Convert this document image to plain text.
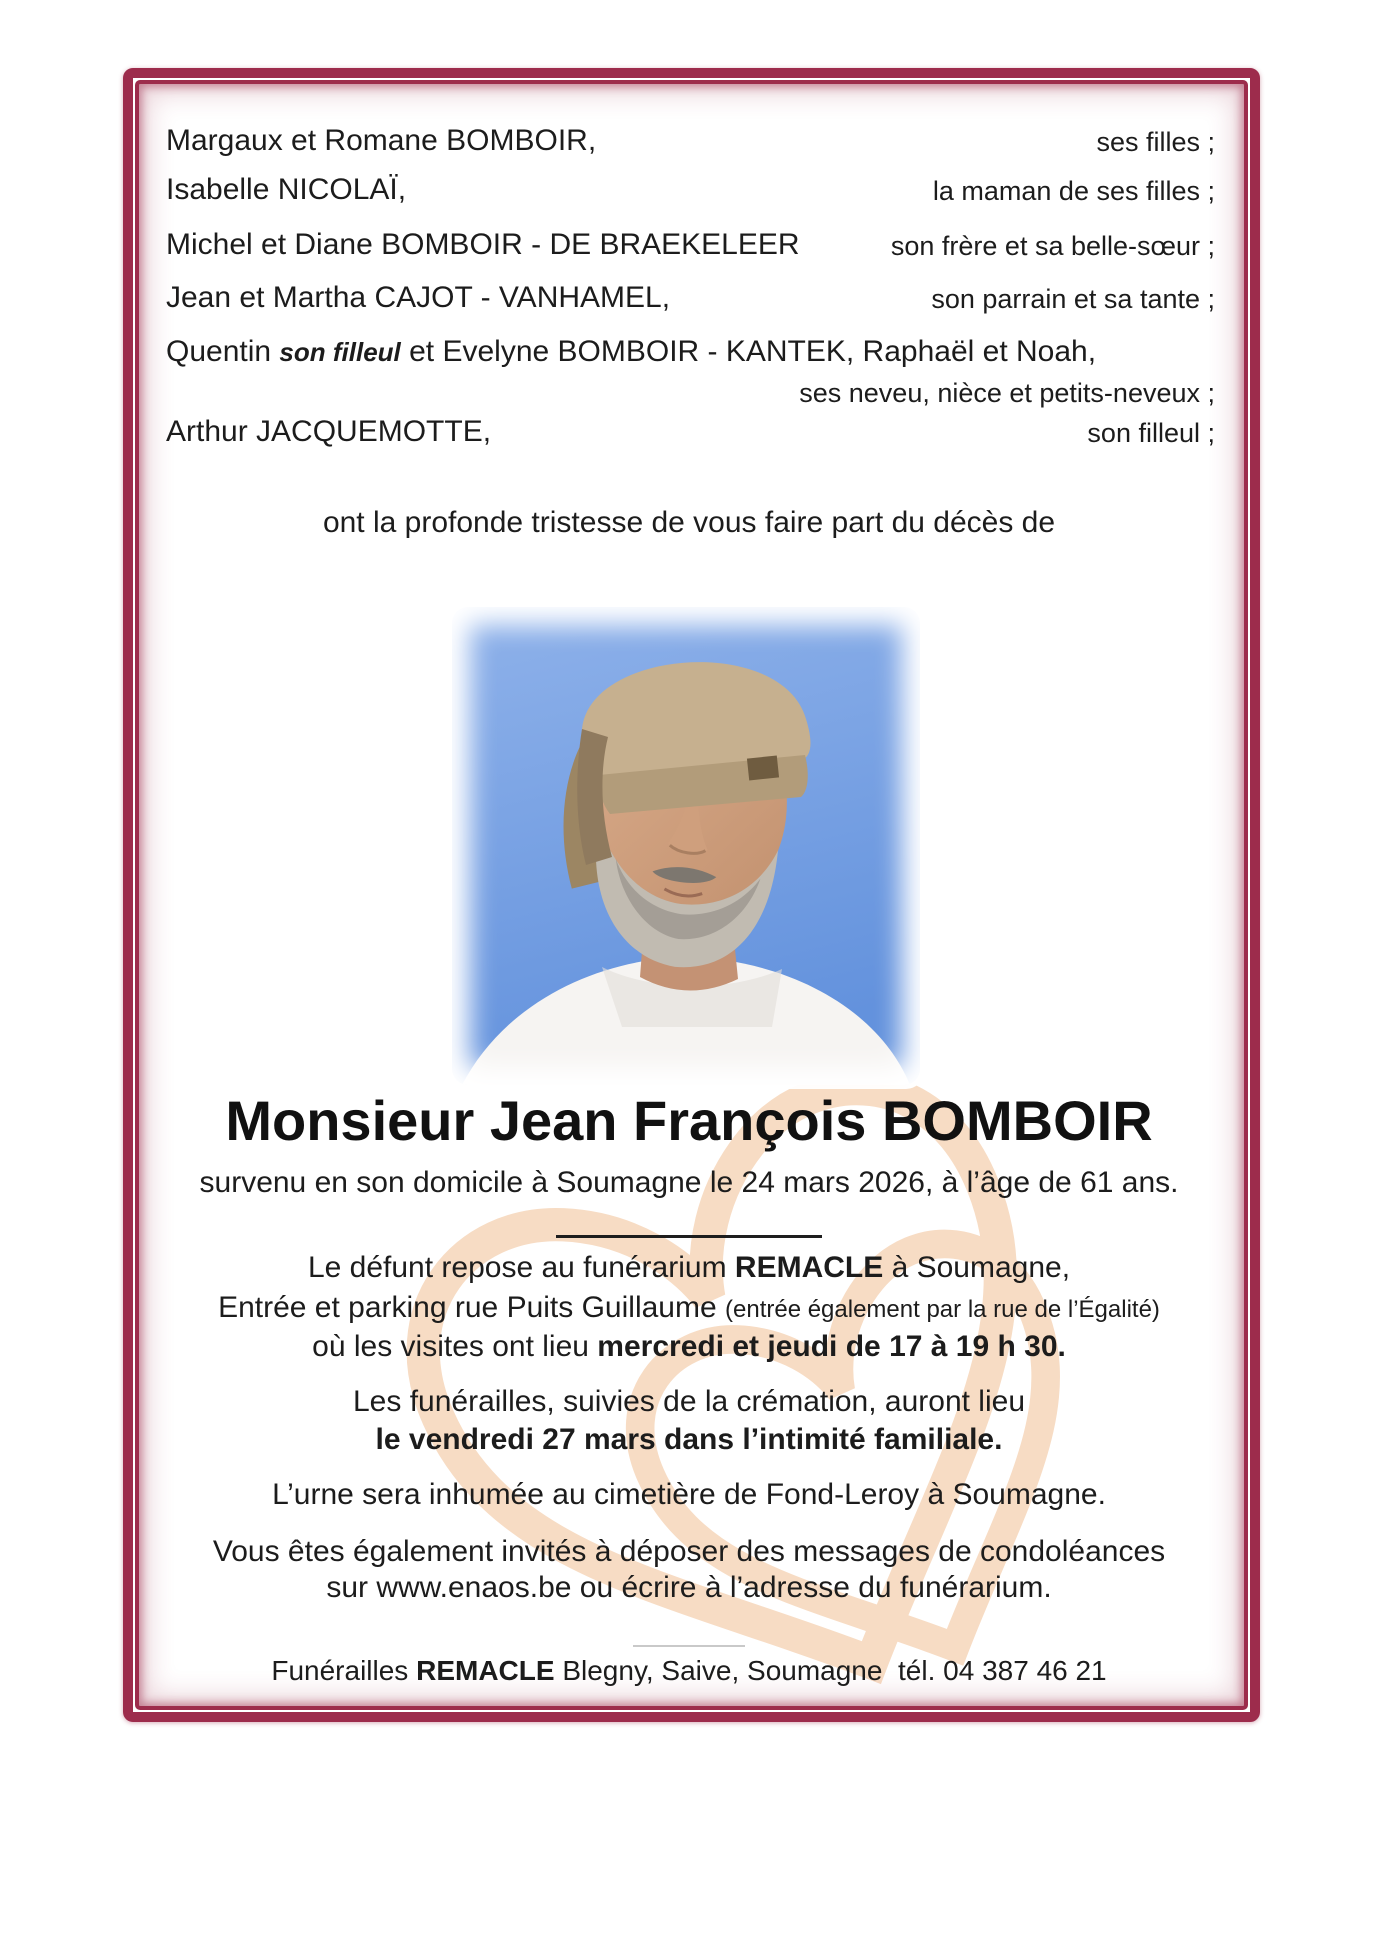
Margaux et Romane BOMBOIR,	ses filles ;
Isabelle NICOLAÏ,	la maman de ses filles ;
Michel et Diane BOMBOIR - DE BRAEKELEER	son frère et sa belle-sœur ;
Jean et Martha CAJOT - VANHAMEL,	son parrain et sa tante ;
Quentin son filleul et Evelyne BOMBOIR - KANTEK, Raphaël et Noah,
ses neveu, nièce et petits-neveux ;
Arthur JACQUEMOTTE,	son filleul ;
ont la profonde tristesse de vous faire part du décès de
Monsieur Jean François BOMBOIR
survenu en son domicile à Soumagne le 24 mars 2026, à l’âge de 61 ans.
Le défunt repose au funérarium REMACLE à Soumagne,
Entrée et parking rue Puits Guillaume (entrée également par la rue de l’Égalité)
où les visites ont lieu mercredi et jeudi de 17 à 19 h 30.
Les funérailles, suivies de la crémation, auront lieu
le vendredi 27 mars dans l’intimité familiale.
L’urne sera inhumée au cimetière de Fond-Leroy à Soumagne.
Vous êtes également invités à déposer des messages de condoléances
sur www.enaos.be ou écrire à l’adresse du funérarium.
Funérailles REMACLE Blegny, Saive, Soumagne  tél. 04 387 46 21
